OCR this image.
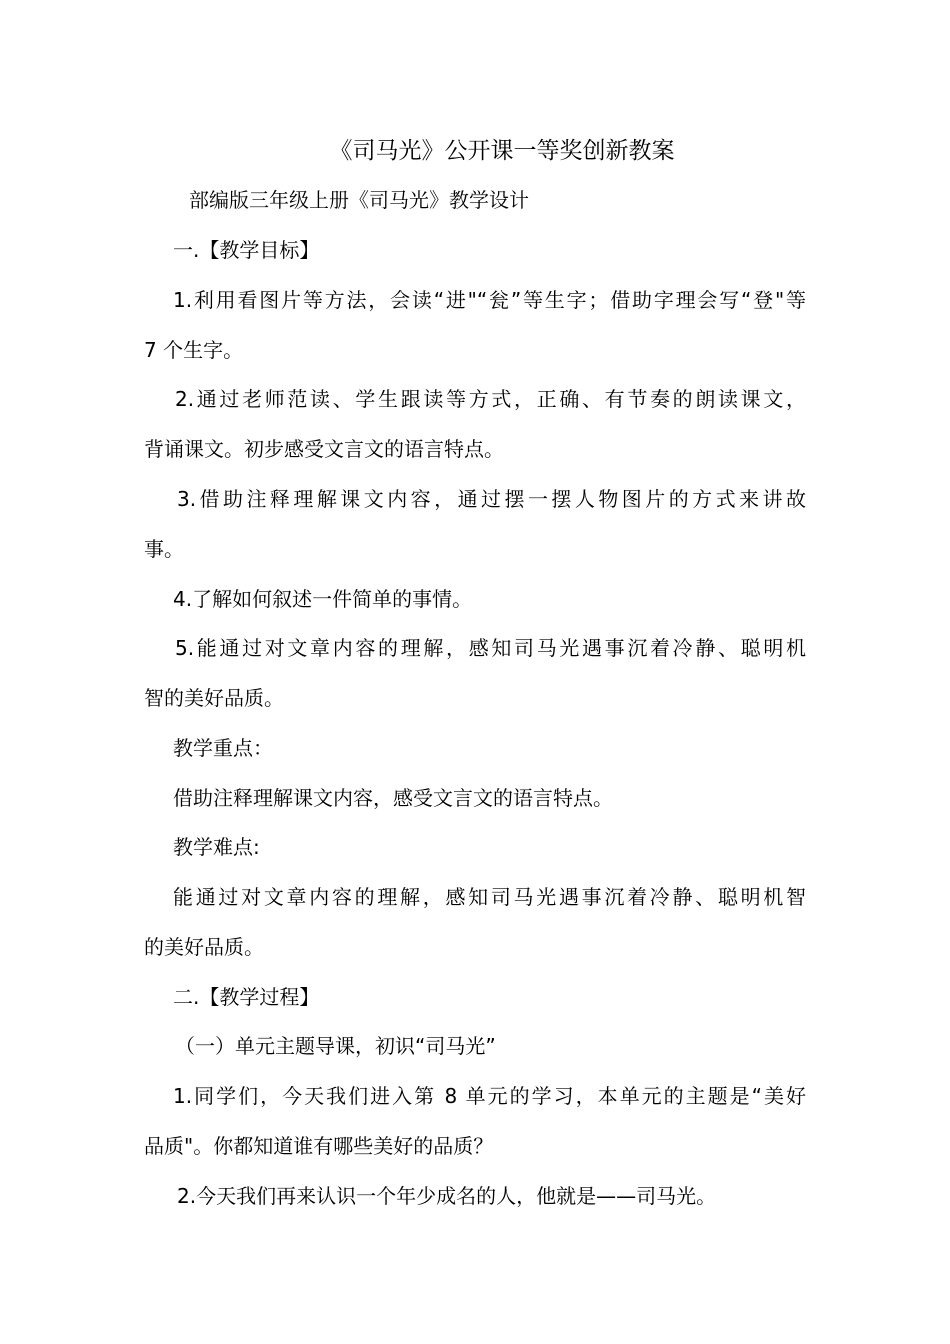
《司马光》公开课一等奖创新教案
部编版三年级上册《司马光》教学设计
一.【教学目标】
1.利用看图片等方法，会读“进"“瓮”等生字；借助字理会写“登"等
7 个生字。
2.通过老师范读、学生跟读等方式，正确、有节奏的朗读课文，
背诵课文。初步感受文言文的语言特点。
3.借助注释理解课文内容，通过摆一摆人物图片的方式来讲故
事。
4.了解如何叙述一件简单的事情。
5.能通过对文章内容的理解，感知司马光遇事沉着冷静、聪明机
智的美好品质。
教学重点：
借助注释理解课文内容，感受文言文的语言特点。
教学难点:
能通过对文章内容的理解，感知司马光遇事沉着冷静、聪明机智
的美好品质。
二.【教学过程】
（一）单元主题导课，初识“司马光”
1.同学们，今天我们进入第 8 单元的学习，本单元的主题是“美好
品质"。你都知道谁有哪些美好的品质？
2.今天我们再来认识一个年少成名的人，他就是——司马光。
